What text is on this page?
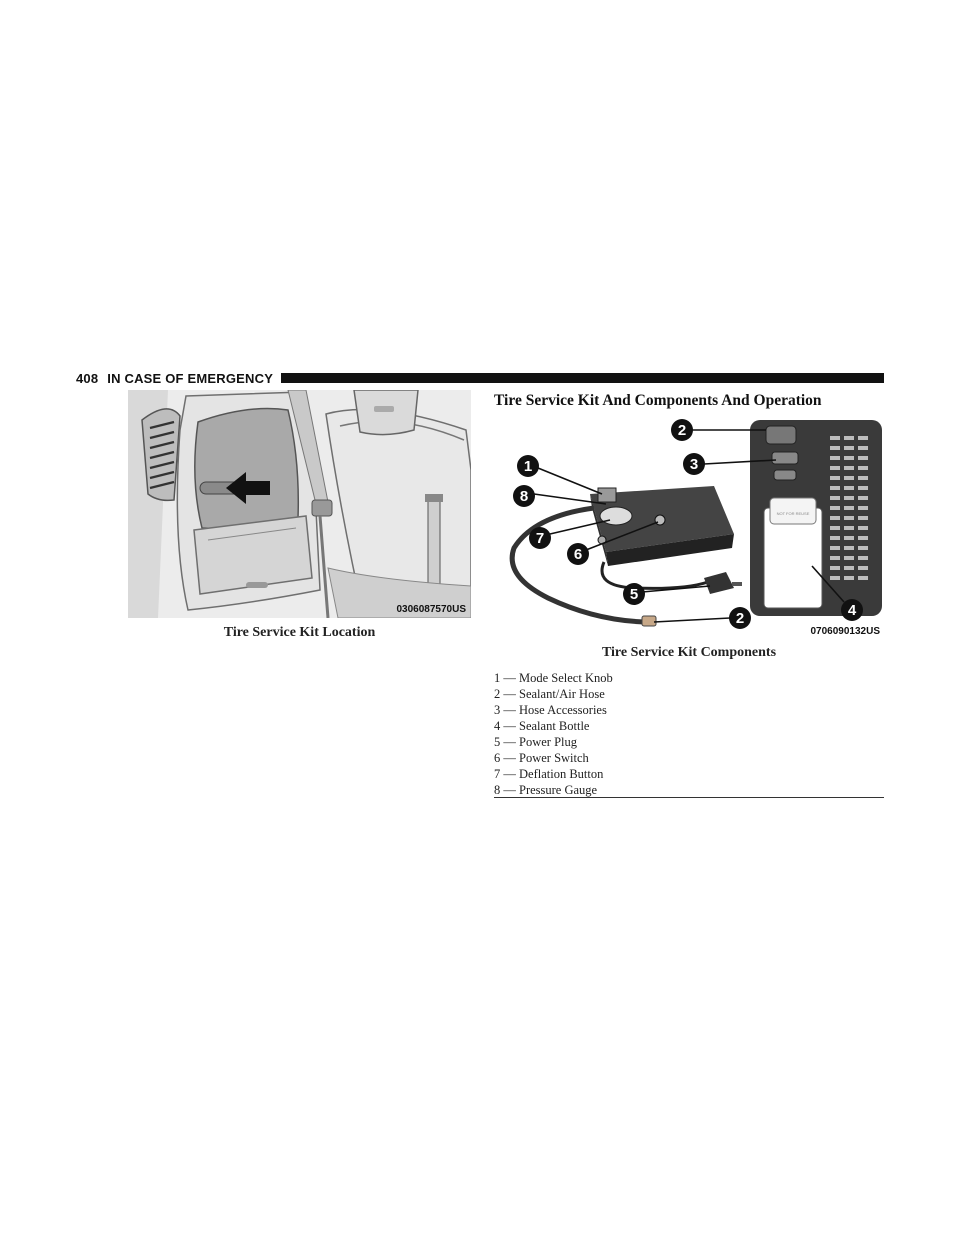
408 IN CASE OF EMERGENCY
0306087570US
Tire Service Kit Location
Tire Service Kit And Components And Operation
NOT FOR REUSE
2
3
1
8
7
6
5
2	4
0706090132US
Tire Service Kit Components
1 — Mode Select Knob
2 — Sealant/Air Hose
3 — Hose Accessories
4 — Sealant Bottle
5 — Power Plug
6 — Power Switch
7 — Deflation Button
8 — Pressure Gauge
